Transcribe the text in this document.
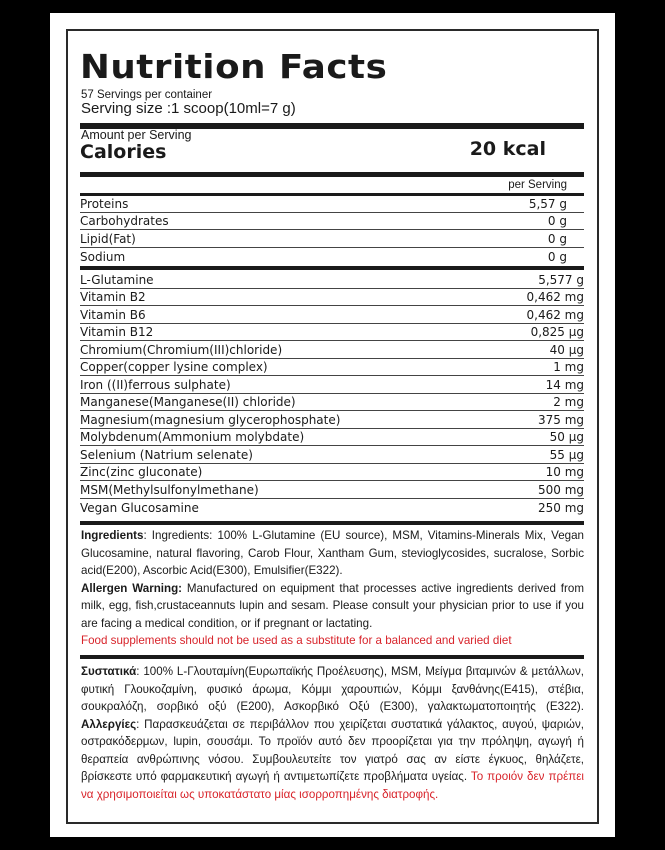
Nutrition Facts
57 Servings per container
Serving size :1 scoop(10ml=7 g)
Amount per Serving
Calories	20 kcal
per Serving
Proteins	5,57 g
Carbohydrates	0 g
Lipid(Fat)	0 g
Sodium	0 g
L-Glutamine	5,577 g
Vitamin B2	0,462 mg
Vitamin B6	0,462 mg
Vitamin B12	0,825 µg
Chromium(Chromium(III)chloride)	40 µg
Copper(copper lysine complex)	1 mg
Iron ((II)ferrous sulphate)	14 mg
Manganese(Manganese(II) chloride)	2 mg
Magnesium(magnesium glycerophosphate)	375 mg
Molybdenum(Ammonium molybdate)	50 µg
Selenium (Natrium selenate)	55 µg
Zinc(zinc gluconate)	10 mg
MSM(Methylsulfonylmethane)	500 mg
Vegan Glucosamine	250 mg
Ingredients: Ingredients: 100% L-Glutamine (EU source), MSM, Vitamins-Minerals Mix, Vegan Glucosamine, natural flavoring, Carob Flour, Xantham Gum, stevioglycosides, sucralose, Sorbic acid(E200), Ascorbic Acid(E300), Emulsifier(E322).
Allergen Warning: Manufactured on equipment that processes active ingredients derived from milk, egg, fish,crustaceannuts lupin and sesam. Please consult your physician prior to use if you are facing a medical condition, or if pregnant or lactating.
Food supplements should not be used as a substitute for a balanced and varied diet
Συστατικά: 100% L-Γλουταμίνη(Ευρωπαϊκής Προέλευσης), MSM, Μείγμα βιταμινών & μετάλλων, φυτική Γλουκοζαμίνη, φυσικό άρωμα, Κόμμι χαρουπιών, Κόμμι ξανθάνης(E415), στέβια, σουκραλόζη, σορβικό οξύ (E200), Ασκορβικό Οξύ (E300), γαλακτωματοποιητής (E322). Αλλεργίες: Παρασκευάζεται σε περιβάλλον που χειρίζεται συστατικά γάλακτος, αυγού, ψαριών, οστρακόδερμων, lupin, σουσάμι. Το προϊόν αυτό δεν προορίζεται για την πρόληψη, αγωγή ή θεραπεία ανθρώπινης νόσου. Συμβουλευτείτε τον γιατρό σας αν είστε έγκυος, θηλάζετε, βρίσκεστε υπό φαρμακευτική αγωγή ή αντιμετωπίζετε προβλήματα υγείας. Το προιόν δεν πρέπει να χρησιμοποιείται ως υποκατάστατο μίας ισορροπημένης διατροφής.
